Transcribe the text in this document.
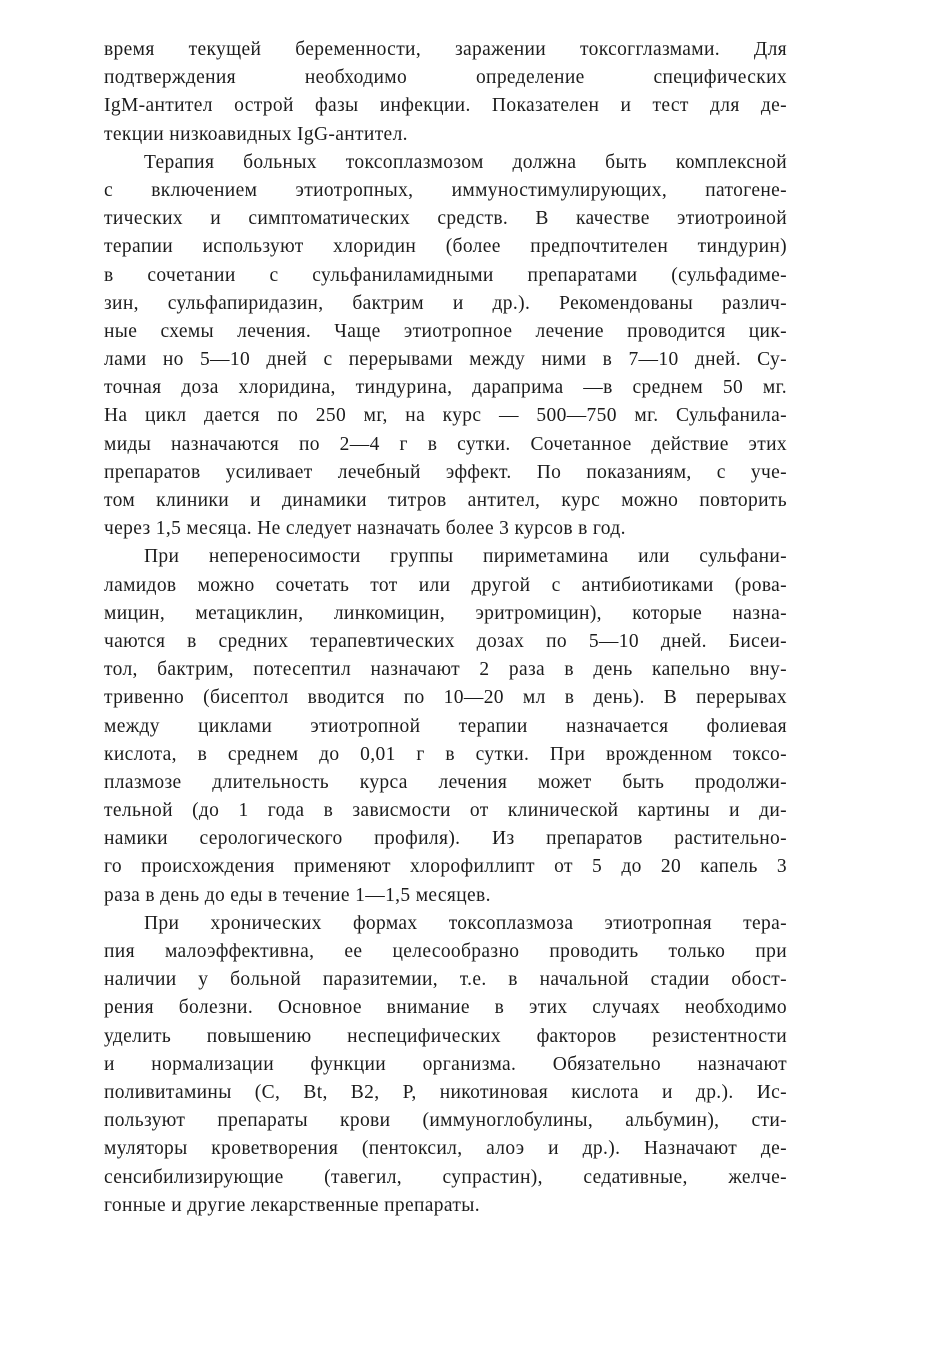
время текущей беременности, заражении токсогглазмами. Для
подтверждения необходимо определение специфических
IgM-антител острой фазы инфекции. Показателен и тест для де-
текции низкоавидных IgG-антител.
Терапия больных токсоплазмозом должна быть комплексной
с включением этиотропных, иммуностимулирующих, патогене-
тических и симптоматических средств. В качестве этиотроиной
терапии используют хлоридин (более предпочтителен тиндурин)
в сочетании с сульфаниламидными препаратами (сульфадиме-
зин, сульфапиридазин, бактрим и др.). Рекомендованы различ-
ные схемы лечения. Чаще этиотропное лечение проводится цик-
лами но 5—10 дней с перерывами между ними в 7—10 дней. Су-
точная доза хлоридина, тиндурина, дараприма —в среднем 50 мг.
На цикл дается по 250 мг, на курс — 500—750 мг. Сульфанила-
миды назначаются по 2—4 г в сутки. Сочетанное действие этих
препаратов усиливает лечебный эффект. По показаниям, с уче-
том клиники и динамики титров антител, курс можно повторить
через 1,5 месяца. Не следует назначать более 3 курсов в год.
При непереносимости группы пириметамина или сульфани-
ламидов можно сочетать тот или другой с антибиотиками (рова-
мицин, метациклин, линкомицин, эритромицин), которые назна-
чаются в средних терапевтических дозах по 5—10 дней. Бисеи-
тол, бактрим, потесептил назначают 2 раза в день капельно вну-
тривенно (бисептол вводится по 10—20 мл в день). В перерывах
между циклами этиотропной терапии назначается фолиевая
кислота, в среднем до 0,01 г в сутки. При врожденном токсо-
плазмозе длительность курса лечения может быть продолжи-
тельной (до 1 года в зависмости от клинической картины и ди-
намики серологического профиля). Из препаратов растительно-
го происхождения применяют хлорофиллипт от 5 до 20 капель 3
раза в день до еды в течение 1—1,5 месяцев.
При хронических формах токсоплазмоза этиотропная тера-
пия малоэффективна, ее целесообразно проводить только при
наличии у больной паразитемии, т.е. в начальной стадии обост-
рения болезни. Основное внимание в этих случаях необходимо
уделить повышению неспецифических факторов резистентности
и нормализации функции организма. Обязательно назначают
поливитамины (С, Bt, В2, Р, никотиновая кислота и др.). Ис-
пользуют препараты крови (иммуноглобулины, альбумин), сти-
муляторы кроветворения (пентоксил, алоэ и др.). Назначают де-
сенсибилизирующие (тавегил, супрастин), седативные, желче-
гонные и другие лекарственные препараты.
